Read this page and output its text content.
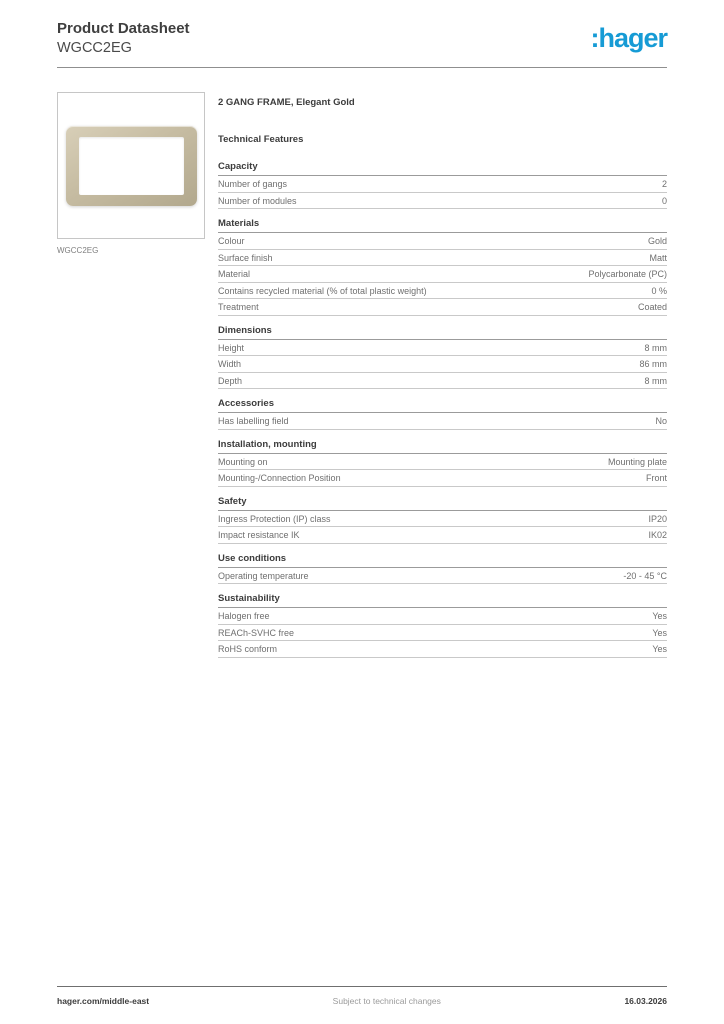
Product Datasheet
WGCC2EG	:hager
WGCC2EG
2 GANG FRAME, Elegant Gold
Technical Features
Capacity
Number of gangs	2
Number of modules	0
Materials
Colour	Gold
Surface finish	Matt
Material	Polycarbonate (PC)
Contains recycled material (% of total plastic weight)	0 %
Treatment	Coated
Dimensions
Height	8 mm
Width	86 mm
Depth	8 mm
Accessories
Has labelling field	No
Installation, mounting
Mounting on	Mounting plate
Mounting-/Connection Position	Front
Safety
Ingress Protection (IP) class	IP20
Impact resistance IK	IK02
Use conditions
Operating temperature	-20 - 45 °C
Sustainability
Halogen free	Yes
REACh-SVHC free	Yes
RoHS conform	Yes
hager.com/middle-east	Subject to technical changes	16.03.2026
